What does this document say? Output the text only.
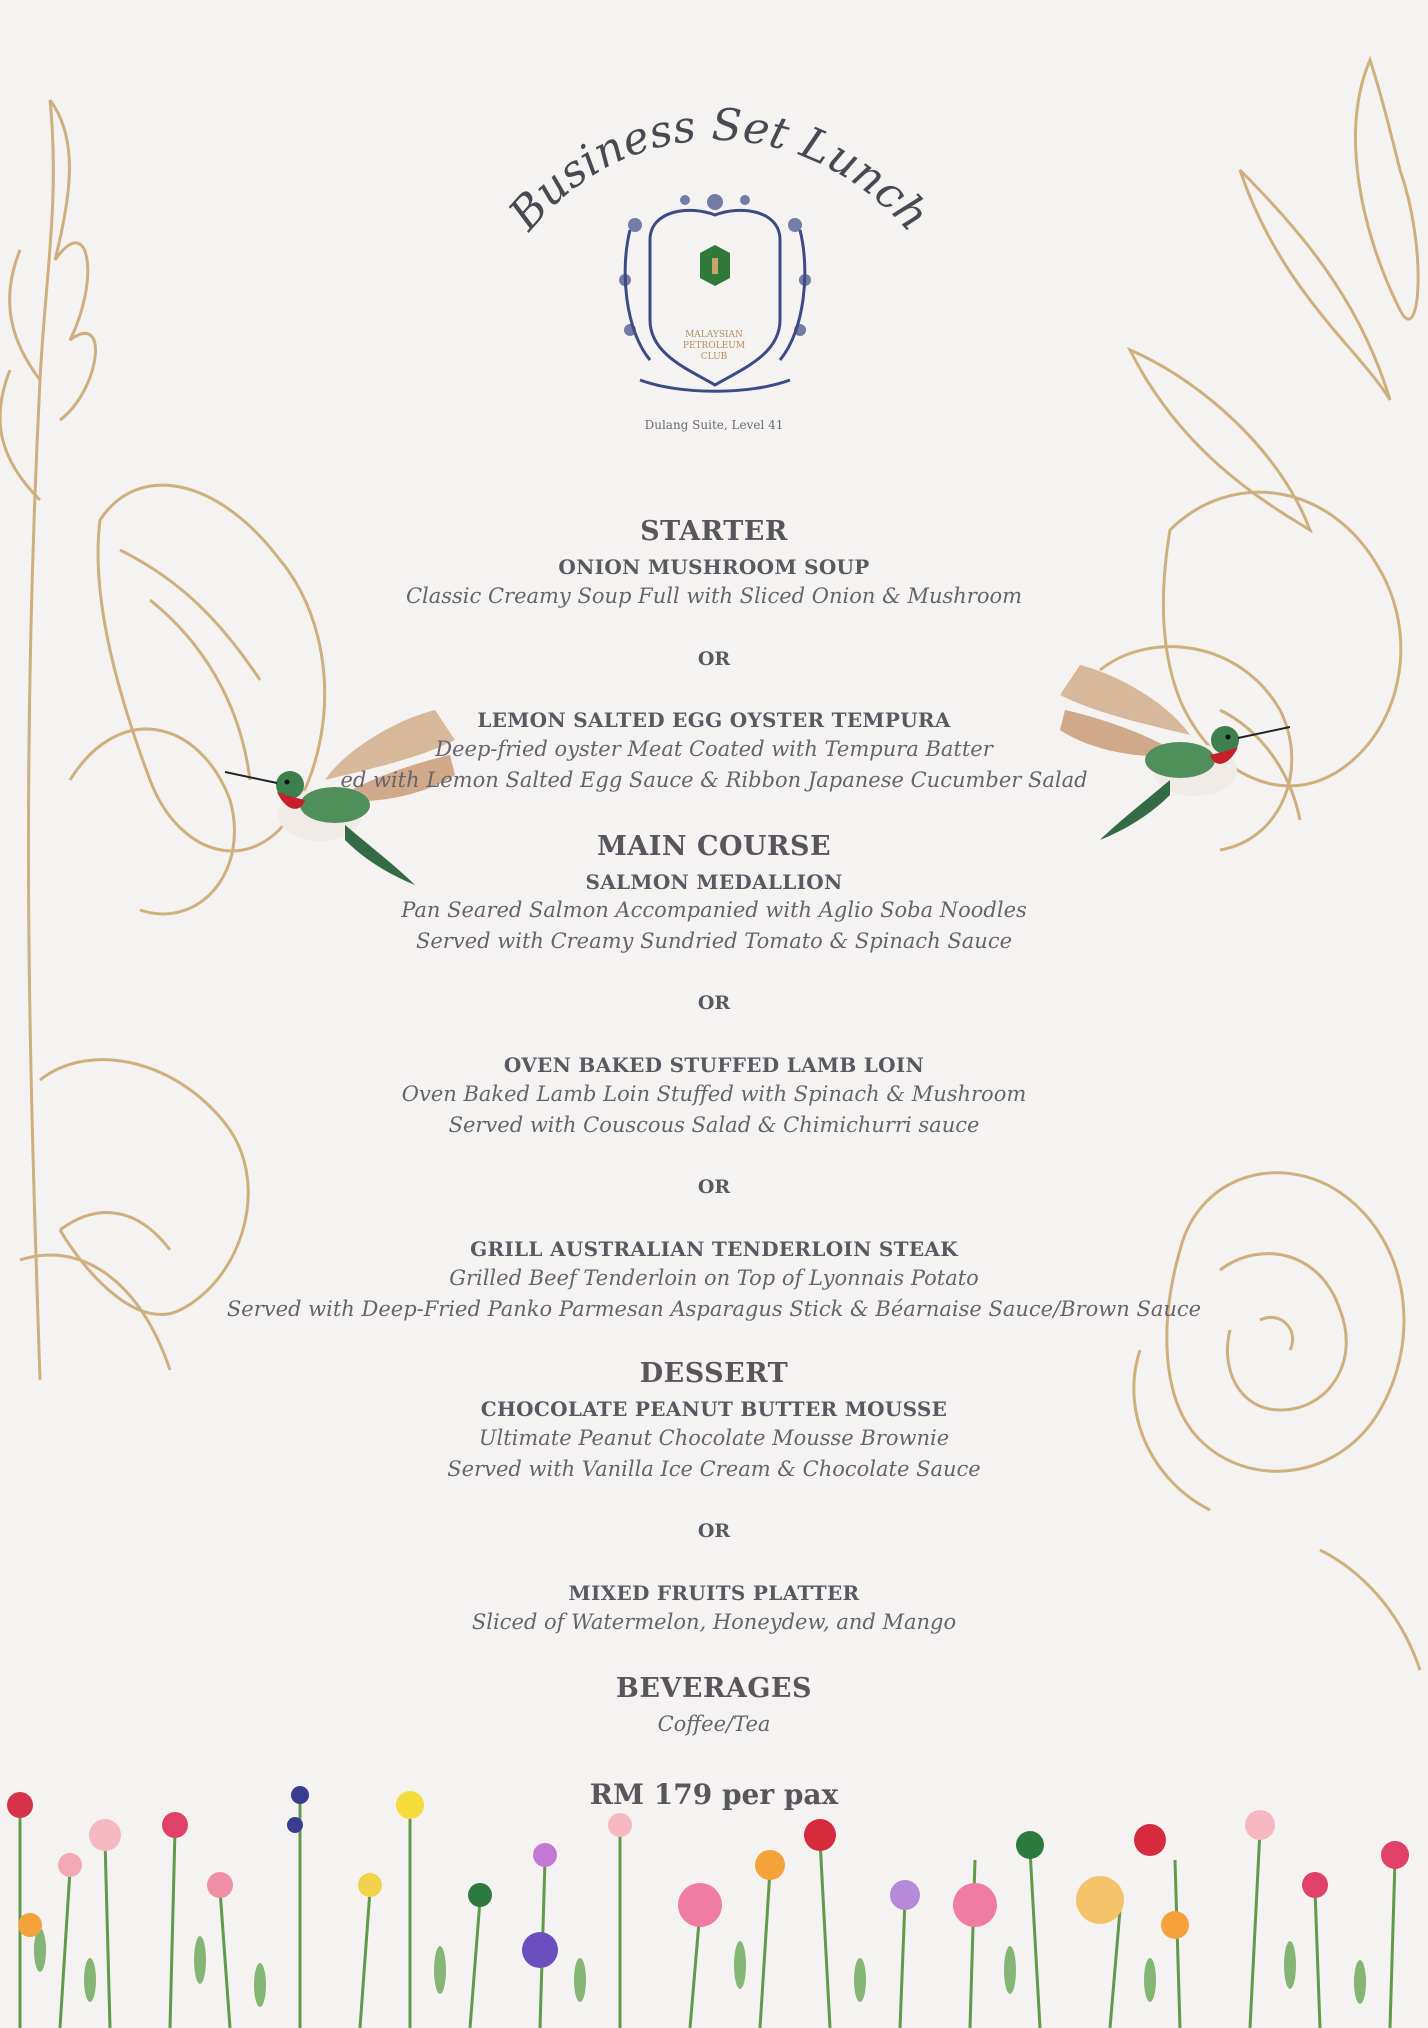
Business Set Lunch
MALAYSIAN
PETROLEUM
CLUB
Dulang Suite, Level 41
STARTER
ONION MUSHROOM SOUP
Classic Creamy Soup Full with Sliced Onion & Mushroom
OR
LEMON SALTED EGG OYSTER TEMPURA
Deep-fried oyster Meat Coated with Tempura Batter
ed with Lemon Salted Egg Sauce & Ribbon Japanese Cucumber Salad
MAIN COURSE
SALMON MEDALLION
Pan Seared Salmon Accompanied with Aglio Soba Noodles
Served with Creamy Sundried Tomato & Spinach Sauce
OR
OVEN BAKED STUFFED LAMB LOIN
Oven Baked Lamb Loin Stuffed with Spinach & Mushroom
Served with Couscous Salad & Chimichurri sauce
OR
GRILL AUSTRALIAN TENDERLOIN STEAK
Grilled Beef Tenderloin on Top of Lyonnais Potato
Served with Deep-Fried Panko Parmesan Asparagus Stick & Béarnaise Sauce/Brown Sauce
DESSERT
CHOCOLATE PEANUT BUTTER MOUSSE
Ultimate Peanut Chocolate Mousse Brownie
Served with Vanilla Ice Cream & Chocolate Sauce
OR
MIXED FRUITS PLATTER
Sliced of Watermelon, Honeydew, and Mango
BEVERAGES
Coffee/Tea
RM 179 per pax
